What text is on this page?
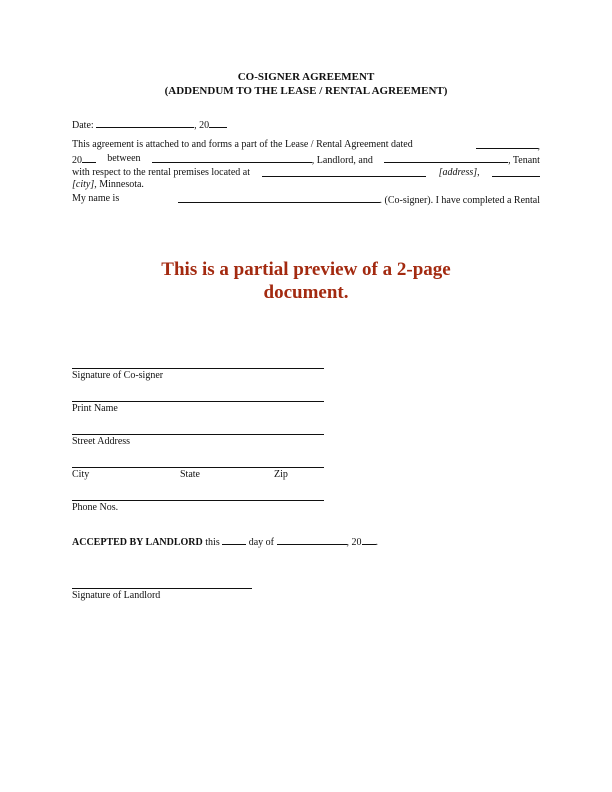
CO-SIGNER AGREEMENT
(ADDENDUM TO THE LEASE / RENTAL AGREEMENT)
Date:	, 20
This agreement is attached to and forms a part of the Lease / Rental Agreement dated	,
20	between	, Landlord, and	, Tenant
with respect to the rental premises located at	[address],
[city], Minnesota.
My name is	. (Co-signer). I have completed a Rental
This is a partial preview of a 2-page
document.
Signature of Co-signer
Print Name
Street Address
City	State	Zip
Phone Nos.
ACCEPTED BY LANDLORD this  day of	, 20 .
Signature of Landlord
